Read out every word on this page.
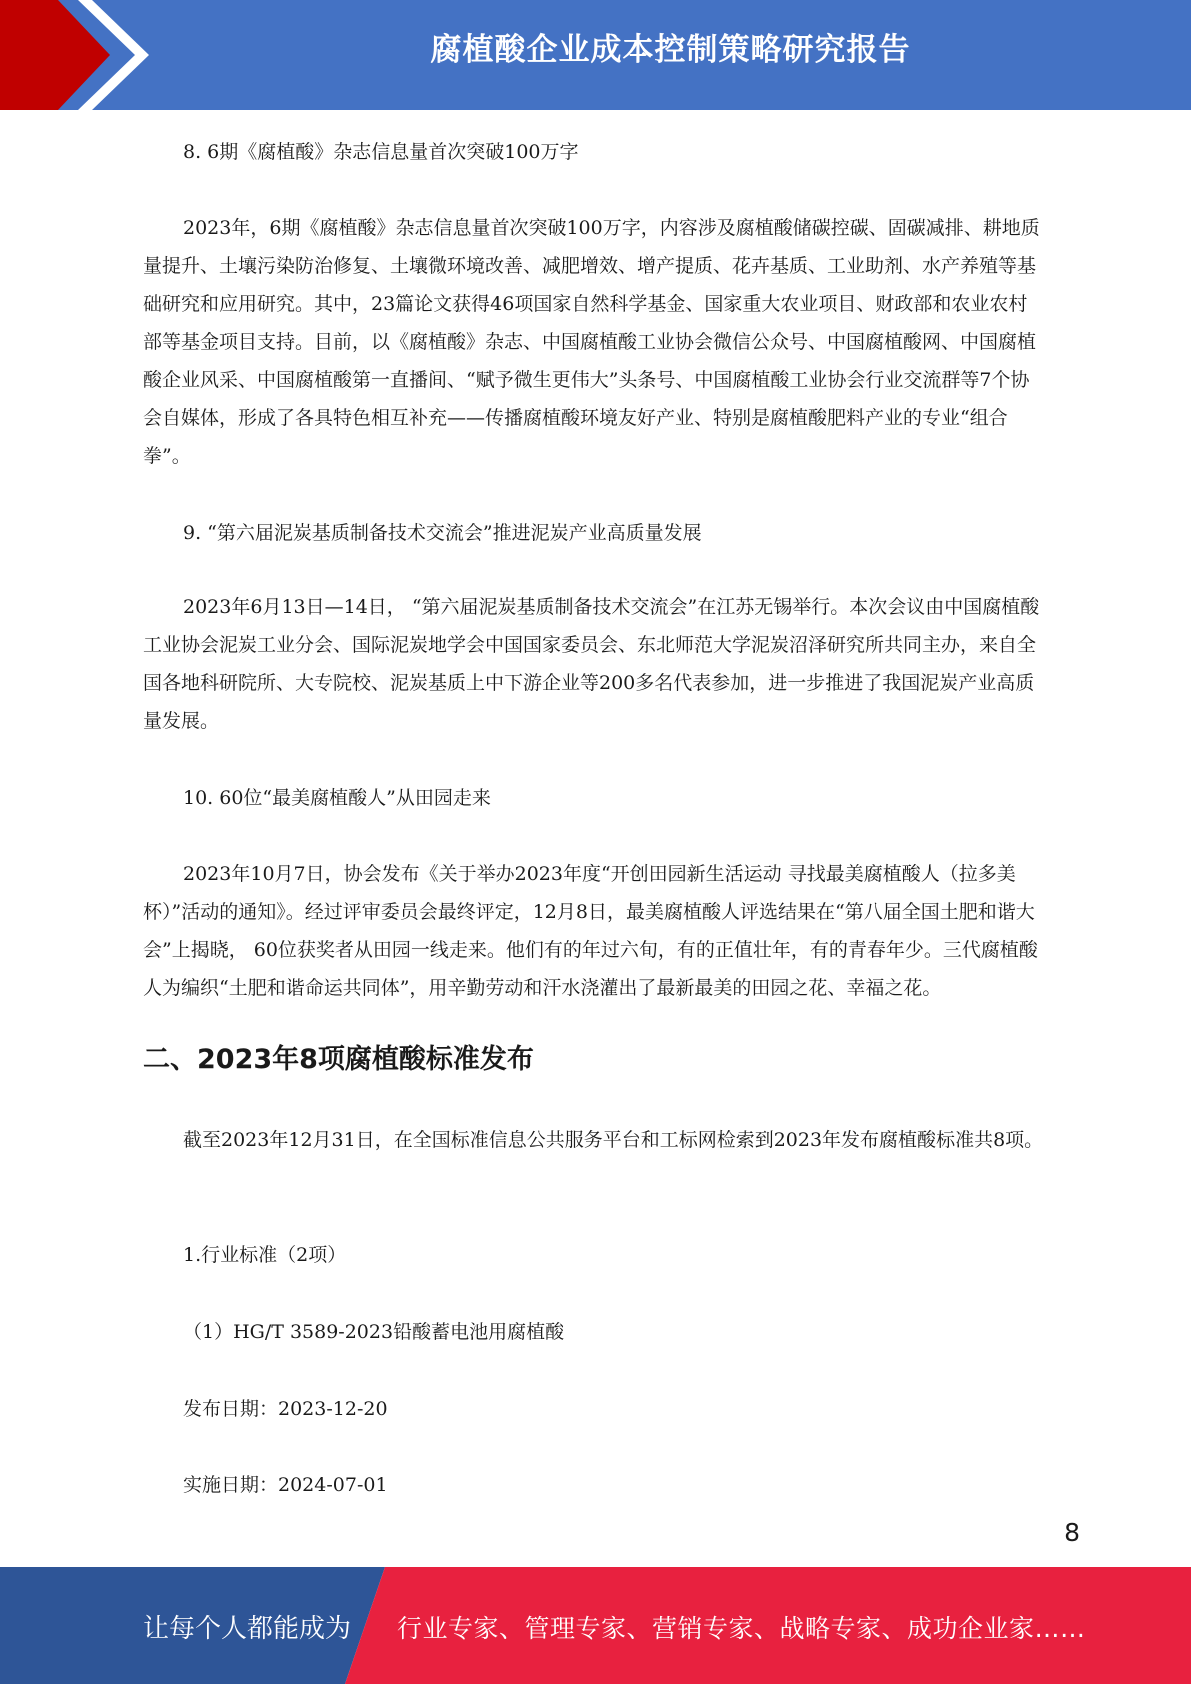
腐植酸企业成本控制策略研究报告

8. 6期《腐植酸》杂志信息量首次突破100万字

2023年，6期《腐植酸》杂志信息量首次突破100万字，内容涉及腐植酸储碳控碳、固碳减排、耕地质量提升、土壤污染防治修复、土壤微环境改善、减肥增效、增产提质、花卉基质、工业助剂、水产养殖等基础研究和应用研究。其中，23篇论文获得46项国家自然科学基金、国家重大农业项目、财政部和农业农村部等基金项目支持。目前，以《腐植酸》杂志、中国腐植酸工业协会微信公众号、中国腐植酸网、中国腐植酸企业风采、中国腐植酸第一直播间、“赋予微生更伟大”头条号、中国腐植酸工业协会行业交流群等7个协会自媒体，形成了各具特色相互补充——传播腐植酸环境友好产业、特别是腐植酸肥料产业的专业“组合拳”。

9. “第六届泥炭基质制备技术交流会”推进泥炭产业高质量发展

2023年6月13日—14日， “第六届泥炭基质制备技术交流会”在江苏无锡举行。本次会议由中国腐植酸工业协会泥炭工业分会、国际泥炭地学会中国国家委员会、东北师范大学泥炭沼泽研究所共同主办，来自全国各地科研院所、大专院校、泥炭基质上中下游企业等200多名代表参加，进一步推进了我国泥炭产业高质量发展。

10. 60位“最美腐植酸人”从田园走来

2023年10月7日，协会发布《关于举办2023年度“开创田园新生活运动 寻找最美腐植酸人（拉多美杯）”活动的通知》。经过评审委员会最终评定，12月8日，最美腐植酸人评选结果在“第八届全国土肥和谐大会”上揭晓， 60位获奖者从田园一线走来。他们有的年过六旬，有的正值壮年，有的青春年少。三代腐植酸人为编织“土肥和谐命运共同体”，用辛勤劳动和汗水浇灌出了最新最美的田园之花、幸福之花。

二、2023年8项腐植酸标准发布

截至2023年12月31日，在全国标准信息公共服务平台和工标网检索到2023年发布腐植酸标准共8项。

1.行业标准（2项）

（1）HG/T 3589-2023铅酸蓄电池用腐植酸

发布日期：2023-12-20

实施日期：2024-07-01

8
让每个人都能成为 行业专家、管理专家、营销专家、战略专家、成功企业家……
